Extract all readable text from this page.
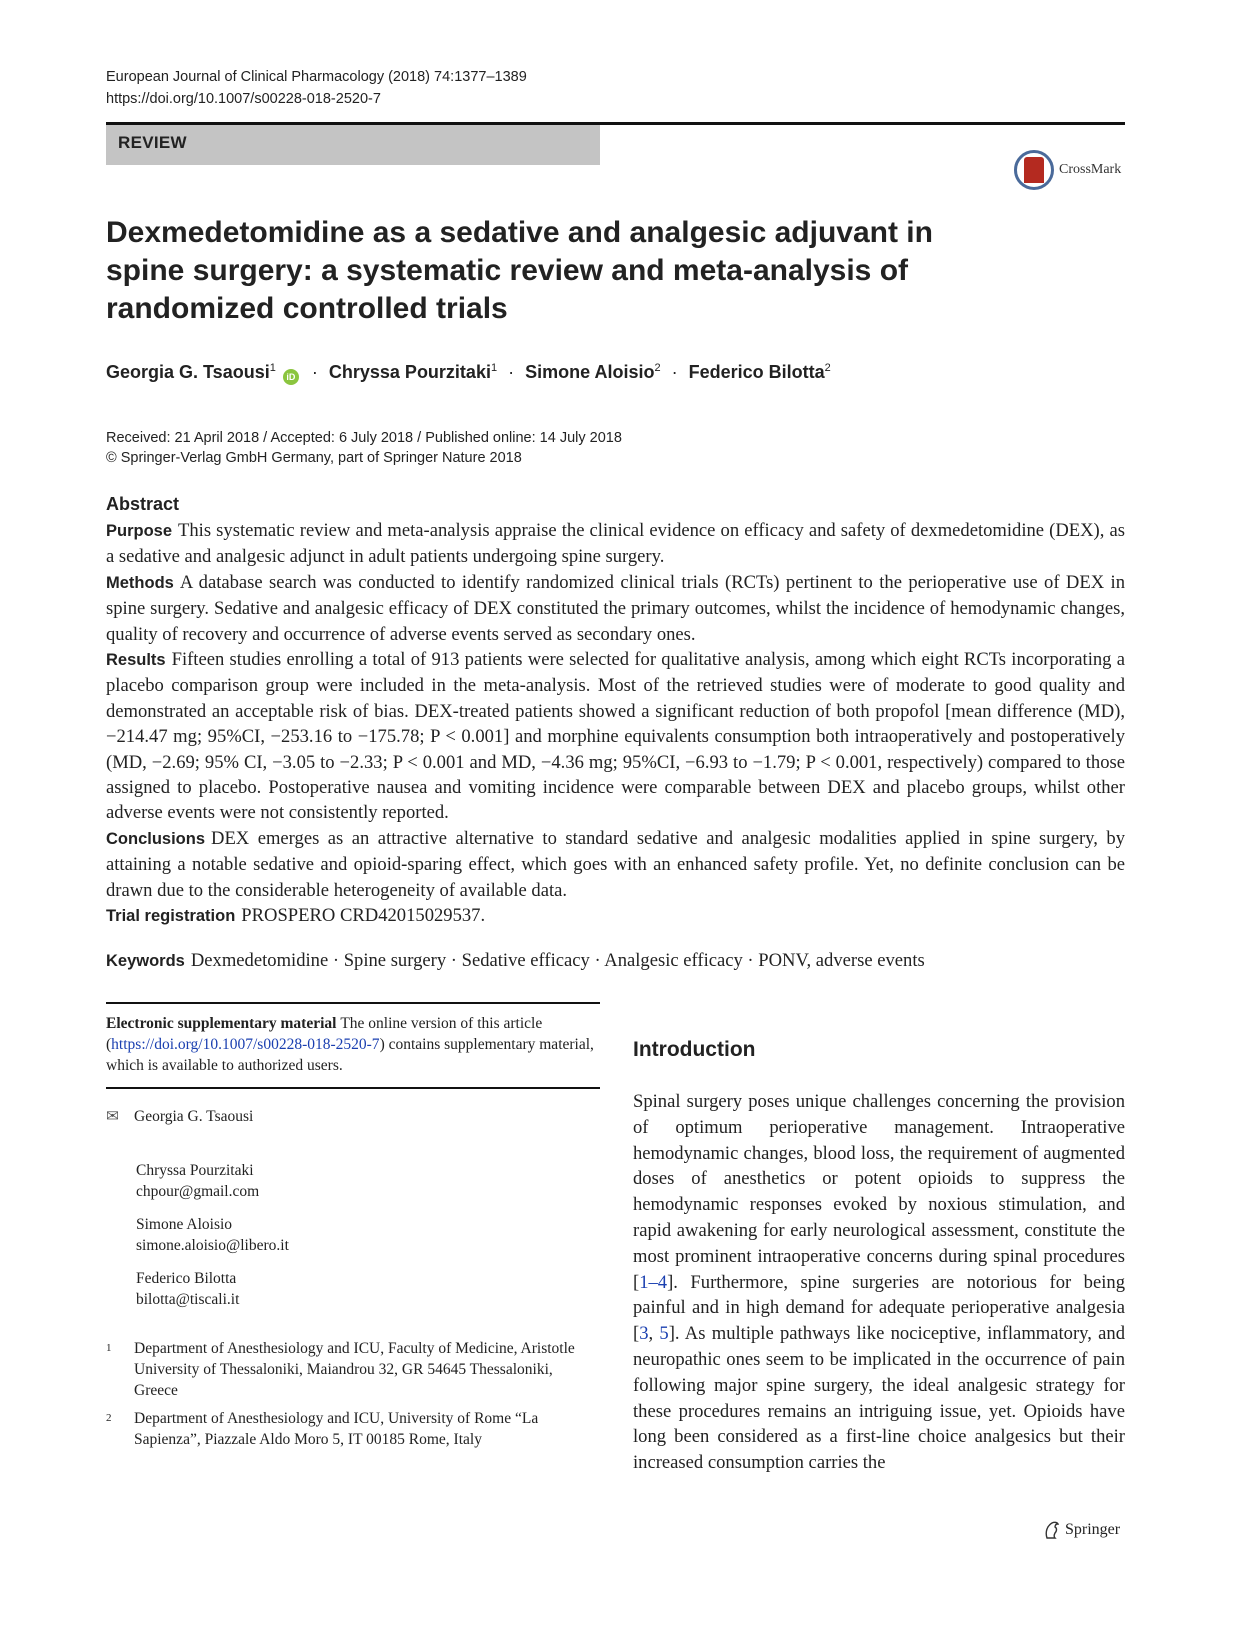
European Journal of Clinical Pharmacology (2018) 74:1377–1389
https://doi.org/10.1007/s00228-018-2520-7
REVIEW
CrossMark
Dexmedetomidine as a sedative and analgesic adjuvant in spine surgery: a systematic review and meta-analysis of randomized controlled trials
Georgia G. Tsaousi$^1$ iD · Chryssa Pourzitaki$^1$ · Simone Aloisio$^2$ · Federico Bilotta$^2$
Received: 21 April 2018 / Accepted: 6 July 2018 / Published online: 14 July 2018
© Springer-Verlag GmbH Germany, part of Springer Nature 2018
Abstract

Purpose This systematic review and meta-analysis appraise the clinical evidence on efficacy and safety of dexmedetomidine (DEX), as a sedative and analgesic adjunct in adult patients undergoing spine surgery.

Methods A database search was conducted to identify randomized clinical trials (RCTs) pertinent to the perioperative use of DEX in spine surgery. Sedative and analgesic efficacy of DEX constituted the primary outcomes, whilst the incidence of hemodynamic changes, quality of recovery and occurrence of adverse events served as secondary ones.

Results Fifteen studies enrolling a total of 913 patients were selected for qualitative analysis, among which eight RCTs incorporating a placebo comparison group were included in the meta-analysis. Most of the retrieved studies were of moderate to good quality and demonstrated an acceptable risk of bias. DEX-treated patients showed a significant reduction of both propofol [mean difference (MD), −214.47 mg; 95%CI, −253.16 to −175.78; P < 0.001] and morphine equivalents consumption both intraoperatively and postoperatively (MD, −2.69; 95% CI, −3.05 to −2.33; P < 0.001 and MD, −4.36 mg; 95%CI, −6.93 to −1.79; P < 0.001, respectively) compared to those assigned to placebo. Postoperative nausea and vomiting incidence were comparable between DEX and placebo groups, whilst other adverse events were not consistently reported.

Conclusions DEX emerges as an attractive alternative to standard sedative and analgesic modalities applied in spine surgery, by attaining a notable sedative and opioid-sparing effect, which goes with an enhanced safety profile. Yet, no definite conclusion can be drawn due to the considerable heterogeneity of available data.

Trial registration PROSPERO CRD42015029537.

Keywords Dexmedetomidine · Spine surgery · Sedative efficacy · Analgesic efficacy · PONV, adverse events
Electronic supplementary material The online version of this article (https://doi.org/10.1007/s00228-018-2520-7) contains supplementary material, which is available to authorized users.
✉ Georgia G. Tsaousi
Chryssa Pourzitaki
chpour@gmail.com
Simone Aloisio
simone.aloisio@libero.it
Federico Bilotta
bilotta@tiscali.it
1 Department of Anesthesiology and ICU, Faculty of Medicine, Aristotle University of Thessaloniki, Maiandrou 32, GR 54645 Thessaloniki, Greece
2 Department of Anesthesiology and ICU, University of Rome “La Sapienza”, Piazzale Aldo Moro 5, IT 00185 Rome, Italy
Introduction
Spinal surgery poses unique challenges concerning the provision of optimum perioperative management. Intraoperative hemodynamic changes, blood loss, the requirement of augmented doses of anesthetics or potent opioids to suppress the hemodynamic responses evoked by noxious stimulation, and rapid awakening for early neurological assessment, constitute the most prominent intraoperative concerns during spinal procedures [1–4]. Furthermore, spine surgeries are notorious for being painful and in high demand for adequate perioperative analgesia [3, 5]. As multiple pathways like nociceptive, inflammatory, and neuropathic ones seem to be implicated in the occurrence of pain following major spine surgery, the ideal analgesic strategy for these procedures remains an intriguing issue, yet. Opioids have long been considered as a first-line choice analgesics but their increased consumption carries the
Springer
